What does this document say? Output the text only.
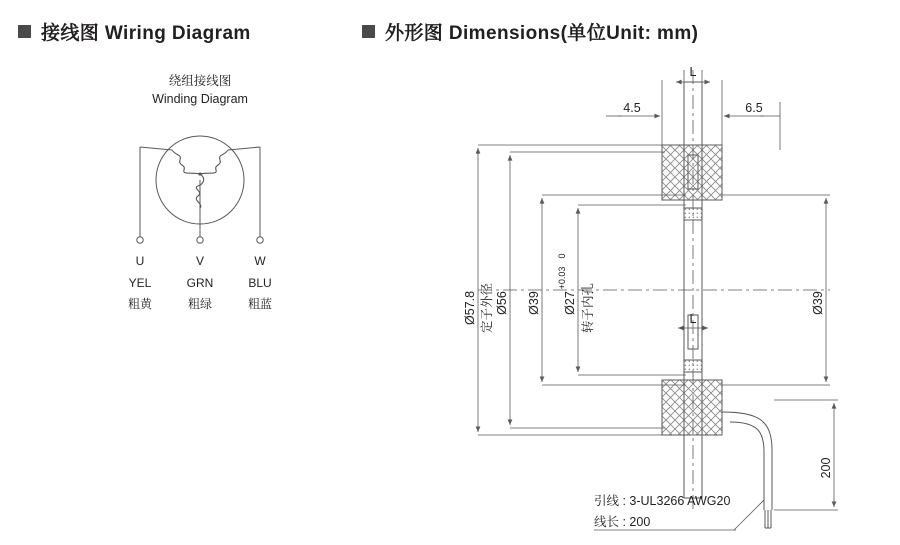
接线图 Wiring Diagram	外形图 Dimensions(单位Unit: mm)
绕组接线图
Winding Diagram
U	V	W
YEL	GRN	BLU
粗黄	粗绿	粗蓝
4.5
L
6.5
L
Ø57.8 定子外径 Ø56 Ø39 Ø27
+0.03
0
转子内孔	Ø39
200
引线 : 3-UL3266 AWG20
线长 : 200
